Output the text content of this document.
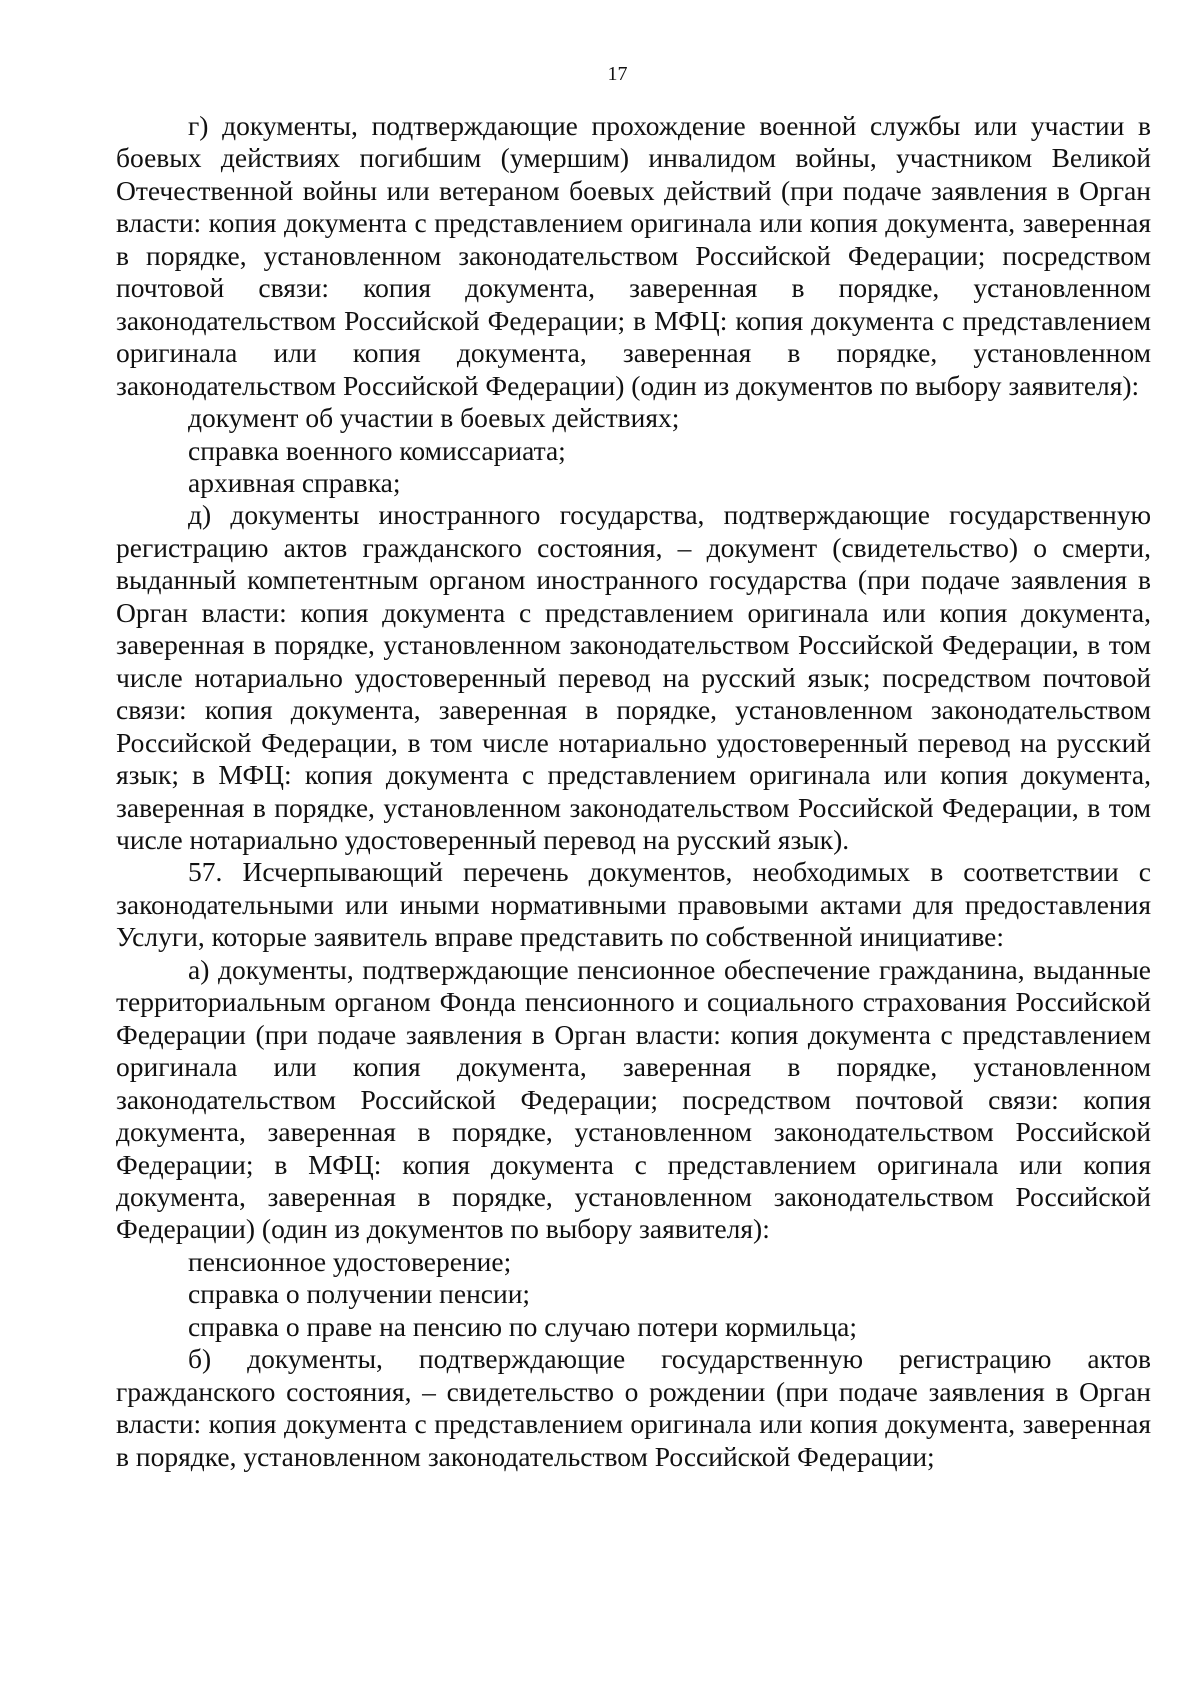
17

г) документы, подтверждающие прохождение военной службы или участии в боевых действиях погибшим (умершим) инвалидом войны, участником Великой Отечественной войны или ветераном боевых действий (при подаче заявления в Орган власти: копия документа с представлением оригинала или копия документа, заверенная в порядке, установленном законодательством Российской Федерации; посредством почтовой связи: копия документа, заверенная в порядке, установленном законодательством Российской Федерации; в МФЦ: копия документа с представлением оригинала или копия документа, заверенная в порядке, установленном законодательством Российской Федерации) (один из документов по выбору заявителя):

документ об участии в боевых действиях;

справка военного комиссариата;

архивная справка;

д) документы иностранного государства, подтверждающие государственную регистрацию актов гражданского состояния, – документ (свидетельство) о смерти, выданный компетентным органом иностранного государства (при подаче заявления в Орган власти: копия документа с представлением оригинала или копия документа, заверенная в порядке, установленном законодательством Российской Федерации, в том числе нотариально удостоверенный перевод на русский язык; посредством почтовой связи: копия документа, заверенная в порядке, установленном законодательством Российской Федерации, в том числе нотариально удостоверенный перевод на русский язык; в МФЦ: копия документа с представлением оригинала или копия документа, заверенная в порядке, установленном законодательством Российской Федерации, в том числе нотариально удостоверенный перевод на русский язык).

57. Исчерпывающий перечень документов, необходимых в соответствии с законодательными или иными нормативными правовыми актами для предоставления Услуги, которые заявитель вправе представить по собственной инициативе:

а) документы, подтверждающие пенсионное обеспечение гражданина, выданные территориальным органом Фонда пенсионного и социального страхования Российской Федерации (при подаче заявления в Орган власти: копия документа с представлением оригинала или копия документа, заверенная в порядке, установленном законодательством Российской Федерации; посредством почтовой связи: копия документа, заверенная в порядке, установленном законодательством Российской Федерации; в МФЦ: копия документа с представлением оригинала или копия документа, заверенная в порядке, установленном законодательством Российской Федерации) (один из документов по выбору заявителя):

пенсионное удостоверение;

справка о получении пенсии;

справка о праве на пенсию по случаю потери кормильца;

б) документы, подтверждающие государственную регистрацию актов гражданского состояния, – свидетельство о рождении (при подаче заявления в Орган власти: копия документа с представлением оригинала или копия документа, заверенная в порядке, установленном законодательством Российской Федерации;
